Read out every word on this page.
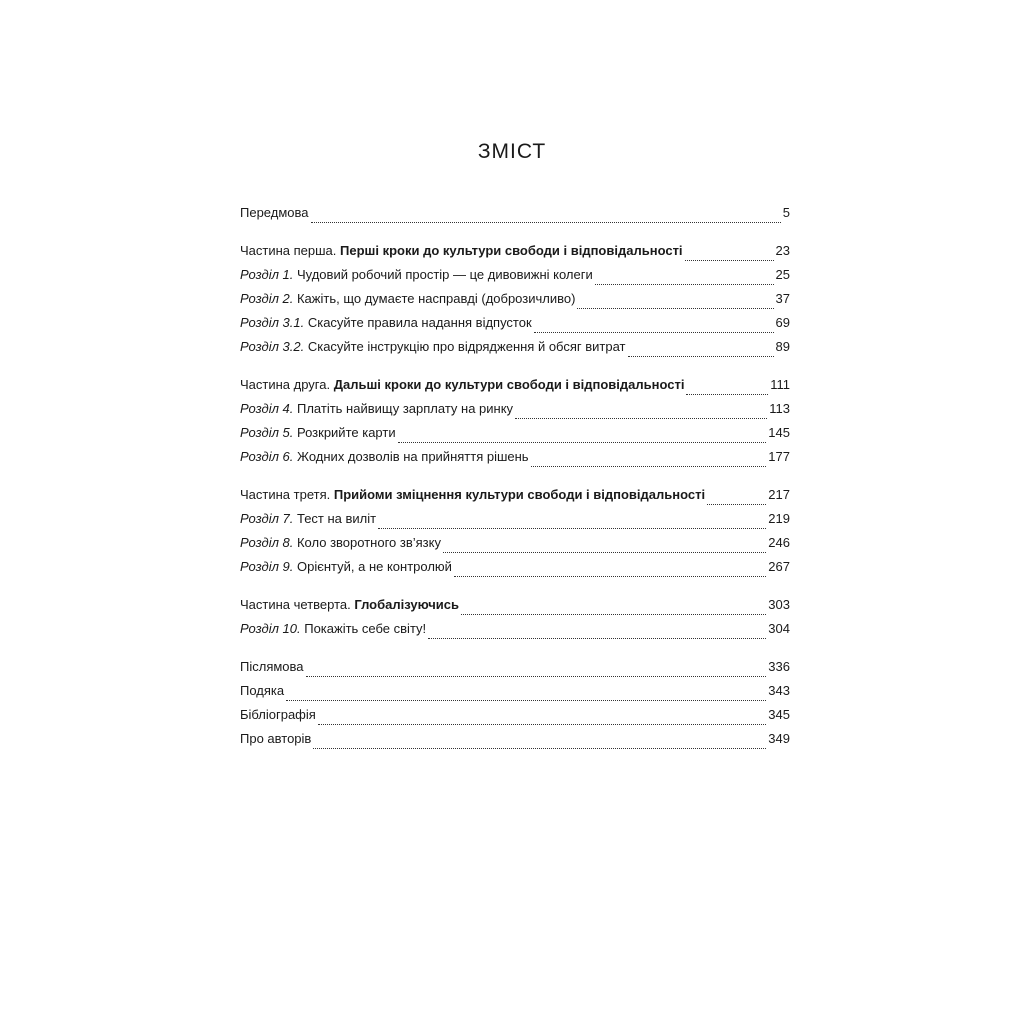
ЗМІСТ
Передмова	5
Частина перша. Перші кроки до культури свободи і відповідальності	23
Розділ 1. Чудовий робочий простір — це дивовижні колеги	25
Розділ 2. Кажіть, що думаєте насправді (доброзичливо)	37
Розділ 3.1. Скасуйте правила надання відпусток	69
Розділ 3.2. Скасуйте інструкцію про відрядження й обсяг витрат	89
Частина друга. Дальші кроки до культури свободи і відповідальності	111
Розділ 4. Платіть найвищу зарплату на ринку	113
Розділ 5. Розкрийте карти	145
Розділ 6. Жодних дозволів на прийняття рішень	177
Частина третя. Прийоми зміцнення культури свободи і відповідальності	217
Розділ 7. Тест на виліт	219
Розділ 8. Коло зворотного зв’язку	246
Розділ 9. Орієнтуй, а не контролюй	267
Частина четверта. Глобалізуючись	303
Розділ 10. Покажіть себе світу!	304
Післямова	336
Подяка	343
Бібліографія	345
Про авторів	349
